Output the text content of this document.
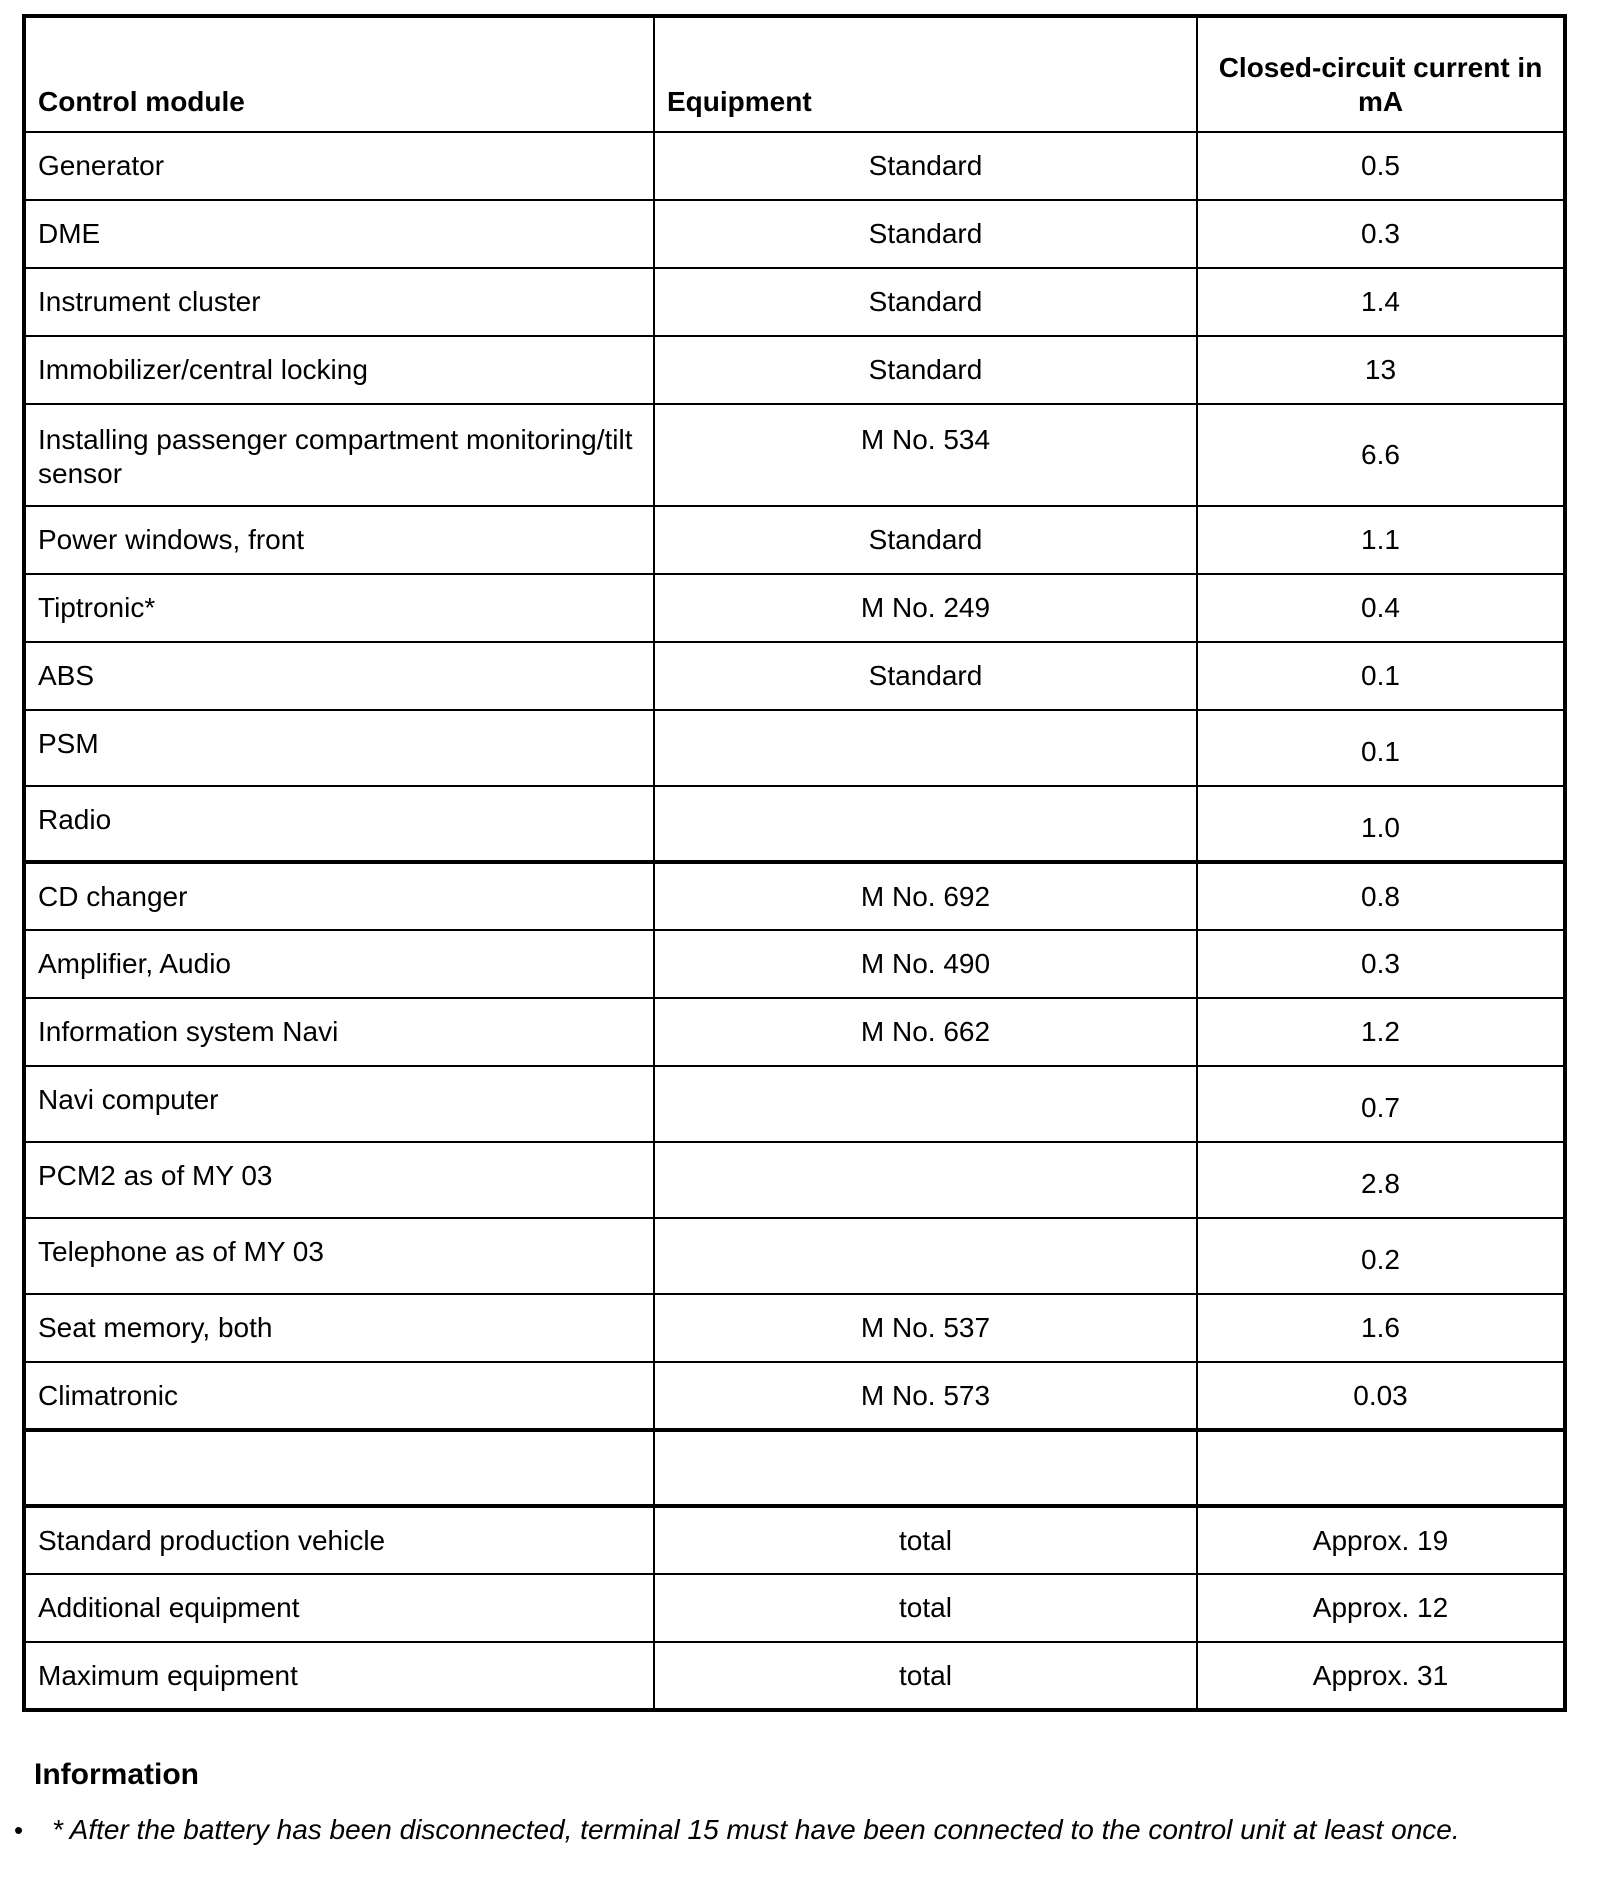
Control module	Equipment	Closed-circuit current in mA
Generator	Standard	0.5
DME	Standard	0.3
Instrument cluster	Standard	1.4
Immobilizer/central locking	Standard	13
Installing passenger compartment monitoring/tilt sensor	M No. 534	6.6
Power windows, front	Standard	1.1
Tiptronic*	M No. 249	0.4
ABS	Standard	0.1
PSM		0.1
Radio		1.0
CD changer	M No. 692	0.8
Amplifier, Audio	M No. 490	0.3
Information system Navi	M No. 662	1.2
Navi computer		0.7
PCM2 as of MY 03		2.8
Telephone as of MY 03		0.2
Seat memory, both	M No. 537	1.6
Climatronic	M No. 573	0.03

Standard production vehicle	total	Approx. 19
Additional equipment	total	Approx. 12
Maximum equipment	total	Approx. 31
Information
• * After the battery has been disconnected, terminal 15 must have been connected to the control unit at least once.
